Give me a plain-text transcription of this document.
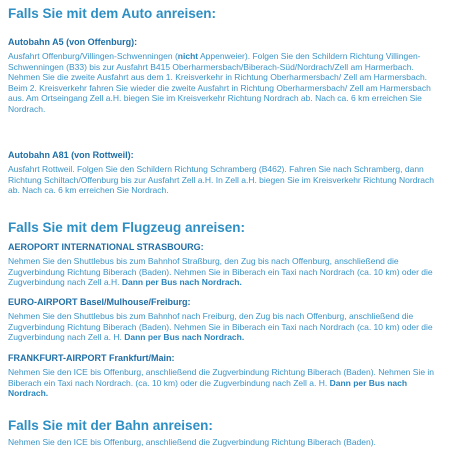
Falls Sie mit dem Auto anreisen:
Autobahn A5 (von Offenburg):

Ausfahrt Offenburg/Villingen-Schwenningen (nicht Appenweier). Folgen Sie den Schildern Richtung Villingen-Schwenningen (B33) bis zur Ausfahrt B415 Oberharmersbach/Biberach-Süd/Nordrach/Zell am Harmerbach. Nehmen Sie die zweite Ausfahrt aus dem 1. Kreisverkehr in Richtung Oberharmersbach/ Zell am Harmersbach. Beim 2. Kreisverkehr fahren Sie wieder die zweite Ausfahrt in Richtung Oberharmersbach/ Zell am Harmersbach aus. Am Ortseingang Zell a.H. biegen Sie im Kreisverkehr Richtung Nordrach ab. Nach ca. 6 km erreichen Sie Nordrach.

Autobahn A81 (von Rottweil):

Ausfahrt Rottweil. Folgen Sie den Schildern Richtung Schramberg (B462). Fahren Sie nach Schramberg, dann Richtung Schiltach/Offenburg bis zur Ausfahrt Zell a.H. In Zell a.H. biegen Sie im Kreisverkehr Richtung Nordrach ab. Nach ca. 6 km erreichen Sie Nordrach.

Falls Sie mit dem Flugzeug anreisen:
AEROPORT INTERNATIONAL STRASBOURG:

Nehmen Sie den Shuttlebus bis zum Bahnhof Straßburg, den Zug bis nach Offenburg, anschließend die Zugverbindung Richtung Biberach (Baden). Nehmen Sie in Biberach ein Taxi nach Nordrach (ca. 10 km) oder die Zugverbindung nach Zell a.H. Dann per Bus nach Nordrach.

EURO-AIRPORT Basel/Mulhouse/Freiburg:

Nehmen Sie den Shuttlebus bis zum Bahnhof nach Freiburg, den Zug bis nach Offenburg, anschließend die Zugverbindung Richtung Biberach (Baden). Nehmen Sie in Biberach ein Taxi nach Nordrach (ca. 10 km) oder die Zugverbindung nach Zell a. H. Dann per Bus nach Nordrach.

FRANKFURT-AIRPORT Frankfurt/Main:

Nehmen Sie den ICE bis Offenburg, anschließend die Zugverbindung Richtung Biberach (Baden). Nehmen Sie in Biberach ein Taxi nach Nordrach. (ca. 10 km) oder die Zugverbindung nach Zell a. H. Dann per Bus nach Nordrach.

Falls Sie mit der Bahn anreisen:

Nehmen Sie den ICE bis Offenburg, anschließend die Zugverbindung Richtung Biberach (Baden).
